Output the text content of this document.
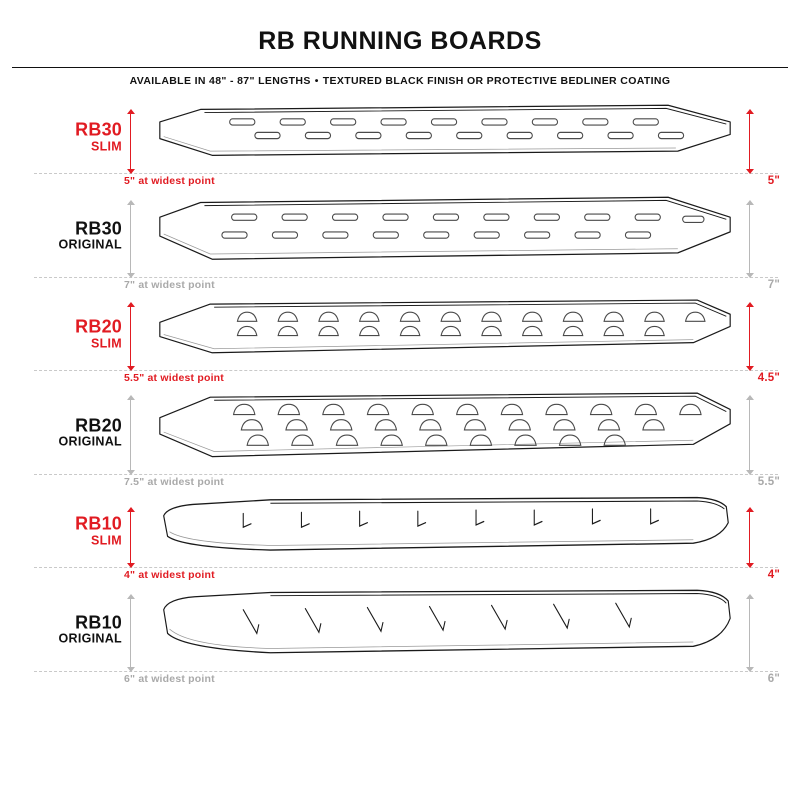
RB RUNNING BOARDS
AVAILABLE IN 48" - 87" LENGTHS • TEXTURED BLACK FINISH OR PROTECTIVE BEDLINER COATING
RB30
SLIM
5" at widest point	5"
RB30
ORIGINAL
7" at widest point	7"
RB20
SLIM
5.5" at widest point	4.5"
RB20
ORIGINAL
7.5" at widest point	5.5"
RB10
SLIM
4" at widest point	4"
RB10
ORIGINAL
6" at widest point	6"
